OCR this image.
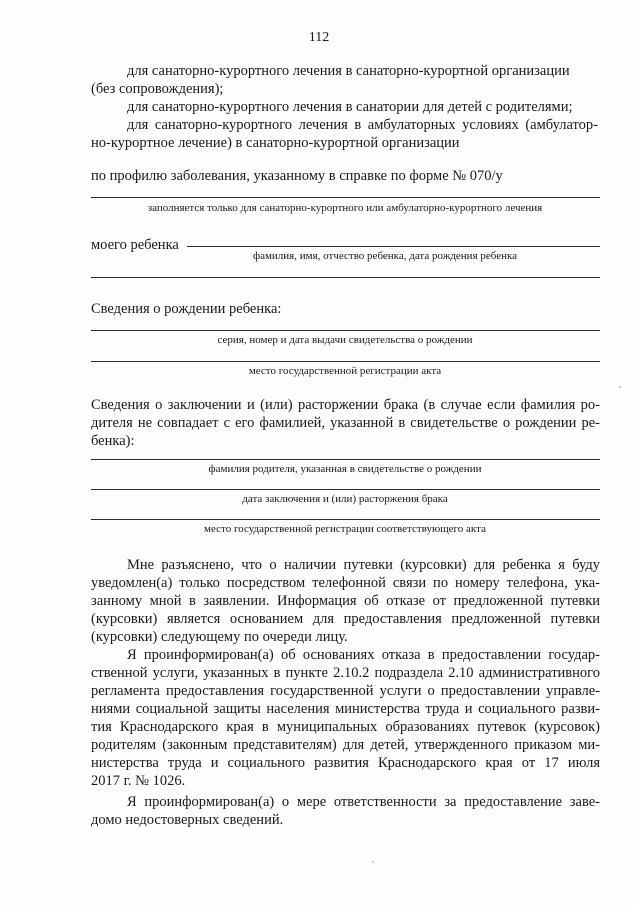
112
для санаторно-курортного лечения в санаторно-курортной организации
(без сопровождения);
для санаторно-курортного лечения в санатории для детей с родителями;
для санаторно-курортного лечения в амбулаторных условиях (амбулатор-
но-курортное лечение) в санаторно-курортной организации
по профилю заболевания, указанному в справке по форме № 070/у
заполняется только для санаторно-курортного или амбулаторно-курортного лечения
моего ребенка
фамилия, имя, отчество ребенка, дата рождения ребенка
Сведения о рождении ребенка:
серия, номер и дата выдачи свидетельства о рождении
место государственной регистрации акта
Сведения о заключении и (или) расторжении брака (в случае если фамилия ро-
дителя не совпадает с его фамилией, указанной в свидетельстве о рождении ре-
бенка):
фамилия родителя, указанная в свидетельстве о рождении
дата заключения и (или) расторжения брака
место государственной регистрации соответствующего акта
Мне разъяснено, что о наличии путевки (курсовки) для ребенка я буду
уведомлен(а) только посредством телефонной связи по номеру телефона, ука-
занному мной в заявлении. Информация об отказе от предложенной путевки
(курсовки) является основанием для предоставления предложенной путевки
(курсовки) следующему по очереди лицу.
Я проинформирован(а) об основаниях отказа в предоставлении государ-
ственной услуги, указанных в пункте 2.10.2 подраздела 2.10 административного
регламента предоставления государственной услуги о предоставлении управле-
ниями социальной защиты населения министерства труда и социального разви-
тия Краснодарского края в муниципальных образованиях путевок (курсовок)
родителям (законным представителям) для детей, утвержденного приказом ми-
нистерства труда и социального развития Краснодарского края от 17 июля
2017 г. № 1026.
Я проинформирован(а) о мере ответственности за предоставление заве-
домо недостоверных сведений.
